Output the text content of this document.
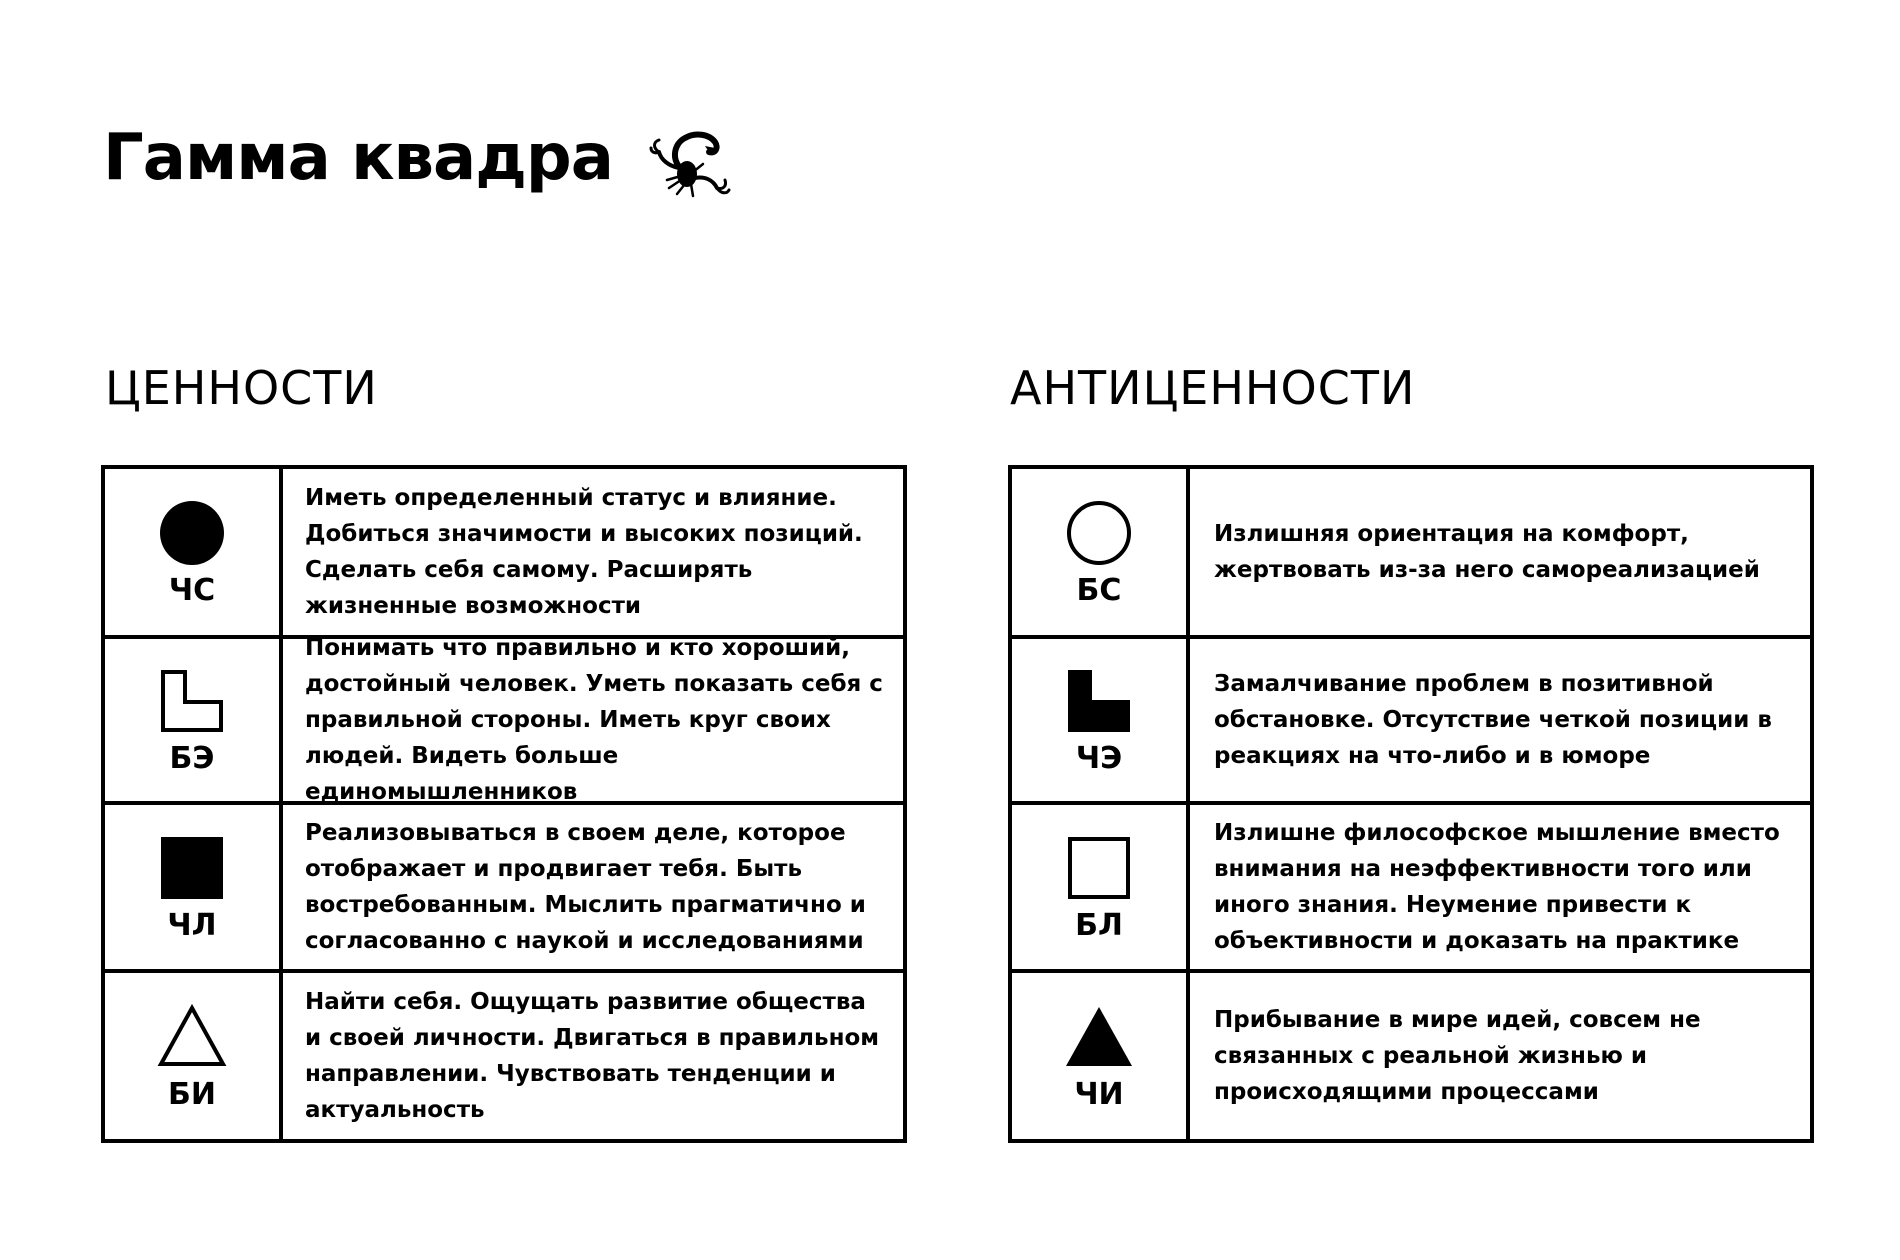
Гамма квадра
ЦЕННОСТИ	АНТИЦЕННОСТИ
ЧС
Иметь определенный статус и влияние. Добиться значимости и высоких позиций. Сделать себя самому. Расширять жизненные возможности
БЭ
Понимать что правильно и кто хороший, достойный человек. Уметь показать себя с правильной стороны. Иметь круг своих людей. Видеть больше единомышленников
ЧЛ
Реализовываться в своем деле, которое отображает и продвигает тебя. Быть востребованным. Мыслить прагматично и согласованно с наукой и исследованиями
БИ
Найти себя. Ощущать развитие общества и своей личности. Двигаться в правильном направлении. Чувствовать тенденции и актуальность
БС
Излишняя ориентация на комфорт, жертвовать из-за него самореализацией
ЧЭ
Замалчивание проблем в позитивной обстановке. Отсутствие четкой позиции в реакциях на что-либо и в юморе
БЛ
Излишне философское мышление вместо внимания на неэффективности того или иного знания. Неумение привести к объективности и доказать на практике
ЧИ
Прибывание в мире идей, совсем не связанных с реальной жизнью и происходящими процессами
